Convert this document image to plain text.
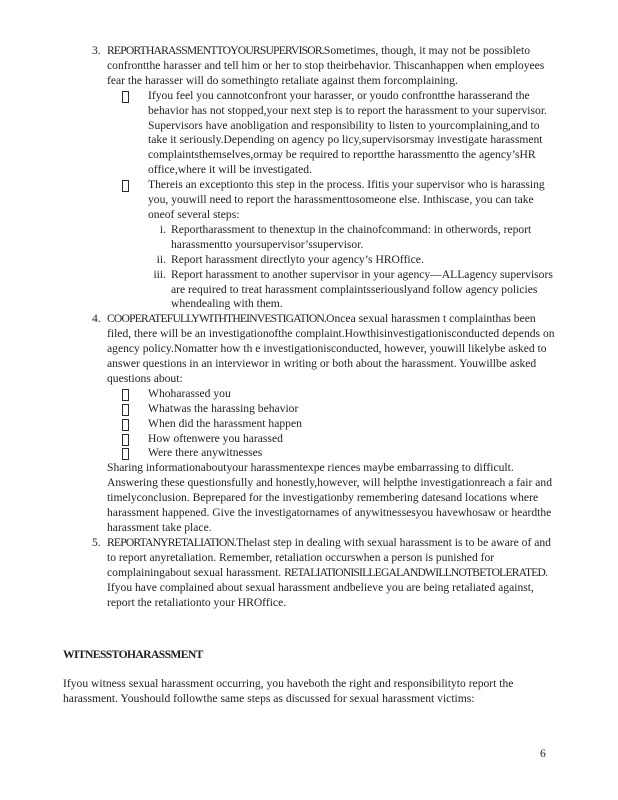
3. REPORTHARASSMENTTOYOURSUPERVISOR.Sometimes, though, it may not be possibleto confrontthe harasser and tell him or her to stop theirbehavior. Thiscanhappen when employees fear the harasser will do somethingto retaliate against them forcomplaining.
Ifyou feel you cannotconfront your harasser, or youdo confrontthe harasserand the behavior has not stopped,your next step is to report the harassment to your supervisor. Supervisors have anobligation and responsibility to listen to yourcomplaining,and to take it seriously.Depending on agency po licy,supervisorsmay investigate harassment complaintsthemselves,ormay be required to reportthe harassmentto the agency’sHR office,where it will be investigated.
Thereis an exceptionto this step in the process. Ifitis your supervisor who is harassing you, youwill need to report the harassmenttosomeone else. Inthiscase, you can take oneof several steps:
i. Reportharassment to thenextup in the chainofcommand: in otherwords, report harassmentto yoursupervisor’ssupervisor.
ii. Report harassment directlyto your agency’s HROffice.
iii. Report harassment to another supervisor in your agency—ALLagency supervisors are required to treat harassment complaintsseriouslyand follow agency policies whendealing with them.
4. COOPERATEFULLYWITHTHEINVESTIGATION.Oncea sexual harassmen t complainthas been filed, there will be an investigationofthe complaint.Howthisinvestigationisconducted depends on agency policy.Nomatter how th e investigationisconducted, however, youwill likelybe asked to answer questions in an interviewor in writing or both about the harassment. Youwillbe asked questions about:
Whoharassed you
Whatwas the harassing behavior
When did the harassment happen
How oftenwere you harassed
Were there anywitnesses
Sharing informationaboutyour harassmentexpe riences maybe embarrassing to difficult. Answering these questionsfully and honestly,however, will helpthe investigationreach a fair and timelyconclusion. Beprepared for the investigationby remembering datesand locations where harassment happened. Give the investigatornames of anywitnessesyou havewhosaw or heardthe harassment take place.
5. REPORTANYRETALIATION.Thelast step in dealing with sexual harassment is to be aware of and to report anyretaliation. Remember, retaliation occurswhen a person is punished for complainingabout sexual harassment. RETALIATIONISILLEGALANDWILLNOTBETOLERATED. Ifyou have complained about sexual harassment andbelieve you are being retaliated against, report the retaliationto your HROffice.
WITNESSTOHARASSMENT
Ifyou witness sexual harassment occurring, you haveboth the right and responsibilityto report the harassment. Youshould followthe same steps as discussed for sexual harassment victims:
6
